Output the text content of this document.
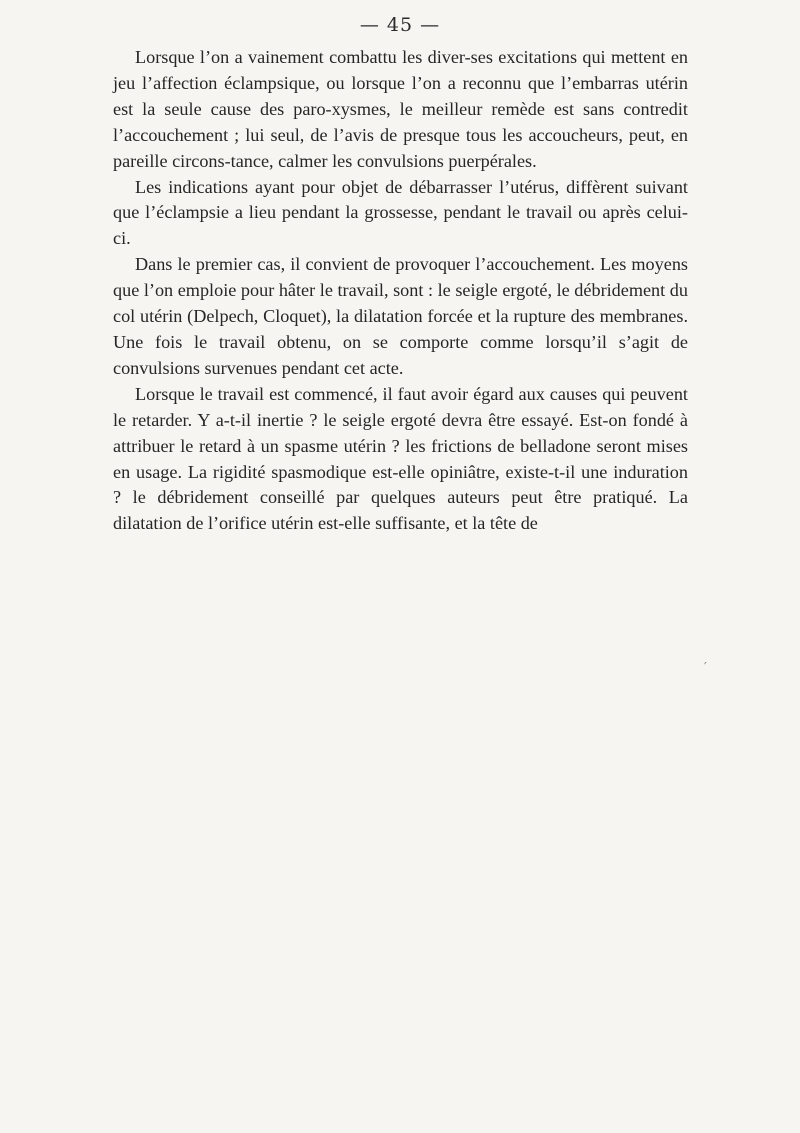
— 45 —

Lorsque l’on a vainement combattu les diver-ses excitations qui mettent en jeu l’affection éclampsique, ou lorsque l’on a reconnu que l’embarras utérin est la seule cause des paro-xysmes, le meilleur remède est sans contredit l’accouchement ; lui seul, de l’avis de presque tous les accoucheurs, peut, en pareille circons-tance, calmer les convulsions puerpérales.

Les indications ayant pour objet de débarrasser l’utérus, diffèrent suivant que l’éclampsie a lieu pendant la grossesse, pendant le travail ou après celui-ci.

Dans le premier cas, il convient de provoquer l’accouchement. Les moyens que l’on emploie pour hâter le travail, sont : le seigle ergoté, le débridement du col utérin (Delpech, Cloquet), la dilatation forcée et la rupture des membranes. Une fois le travail obtenu, on se comporte comme lorsqu’il s’agit de convulsions survenues pendant cet acte.

Lorsque le travail est commencé, il faut avoir égard aux causes qui peuvent le retarder. Y a-t-il inertie ? le seigle ergoté devra être essayé. Est-on fondé à attribuer le retard à un spasme utérin ? les frictions de belladone seront mises en usage. La rigidité spasmodique est-elle opiniâtre, existe-t-il une induration ? le débridement conseillé par quelques auteurs peut être pratiqué. La dilatation de l’orifice utérin est-elle suffisante, et la tête de

′
